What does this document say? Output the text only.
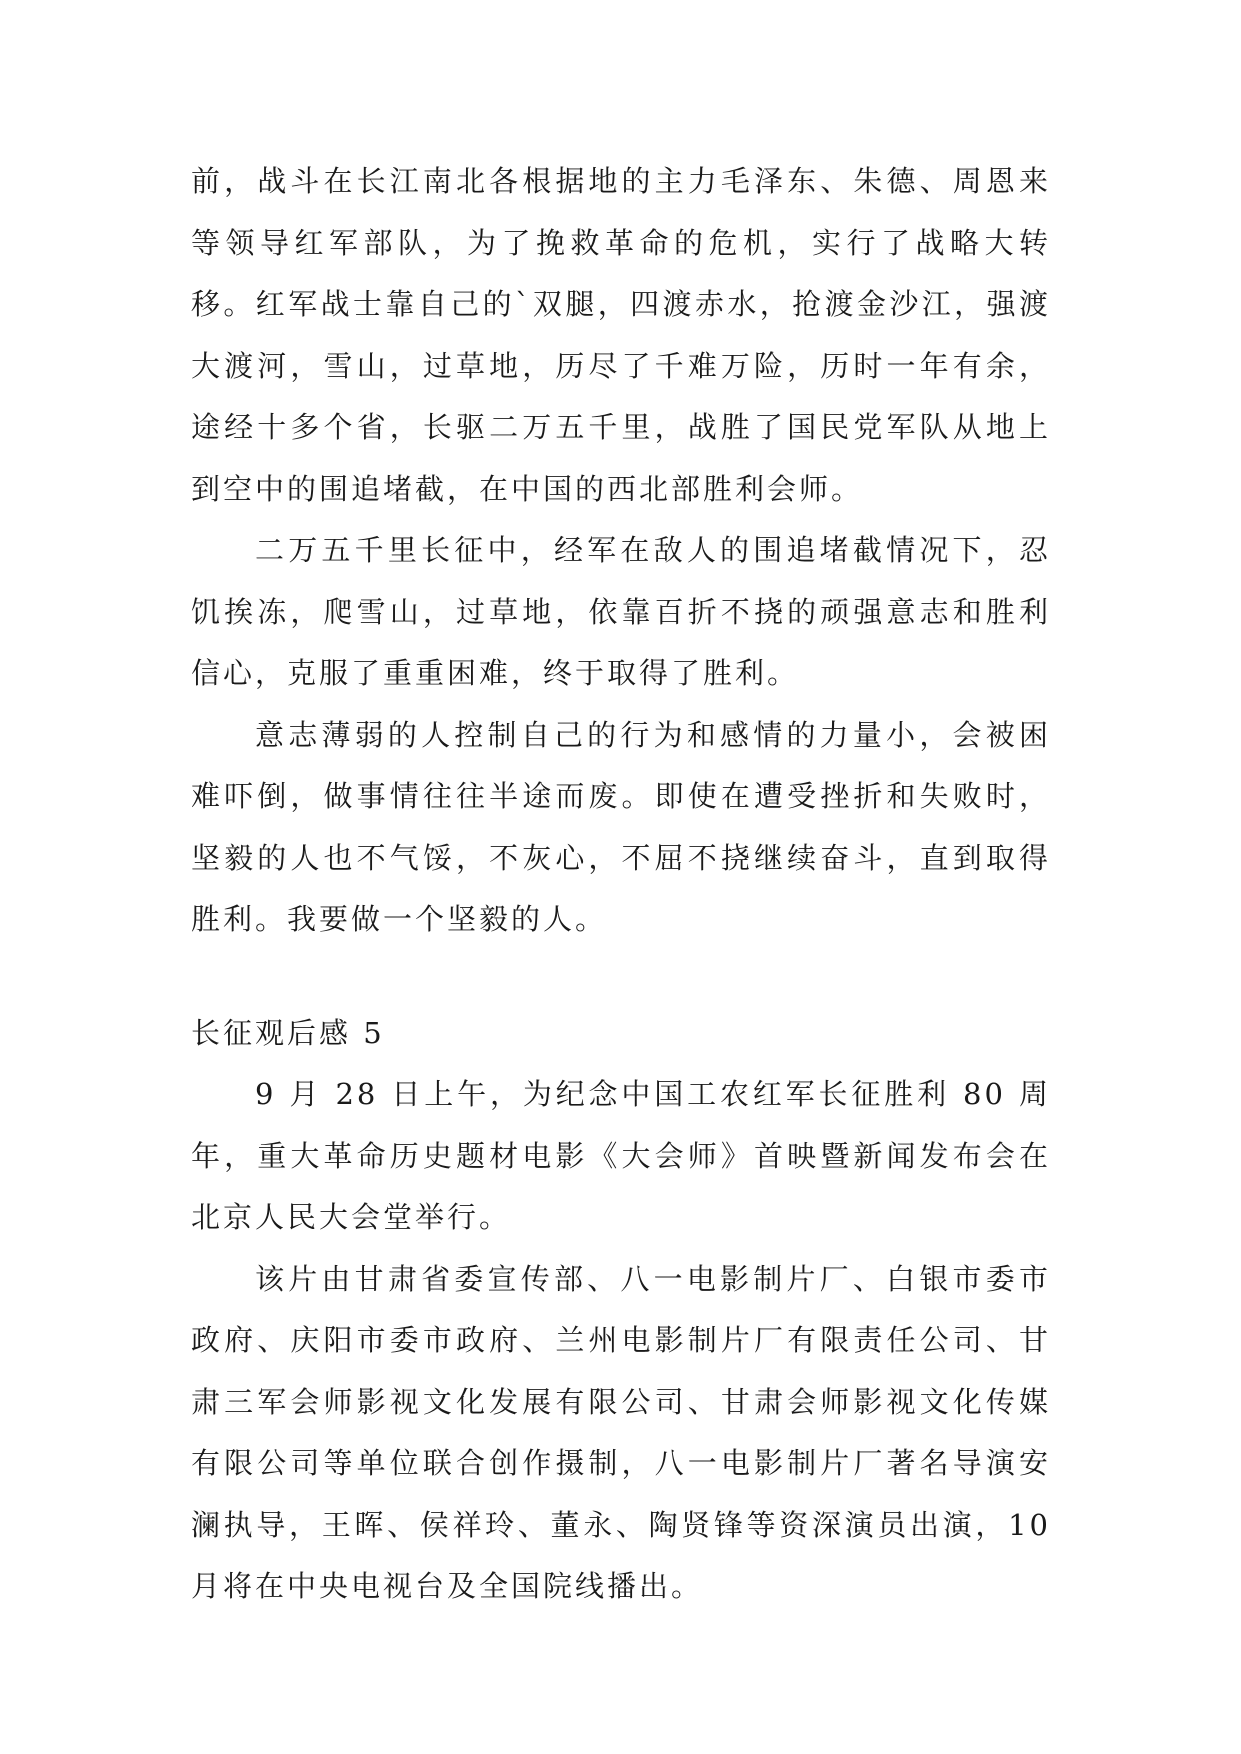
前，战斗在长江南北各根据地的主力毛泽东、朱德、周恩来等领导红军部队，为了挽救革命的危机，实行了战略大转移。红军战士靠自己的`双腿，四渡赤水，抢渡金沙江，强渡大渡河，雪山，过草地，历尽了千难万险，历时一年有余，途经十多个省，长驱二万五千里，战胜了国民党军队从地上到空中的围追堵截，在中国的西北部胜利会师。

二万五千里长征中，经军在敌人的围追堵截情况下，忍饥挨冻，爬雪山，过草地，依靠百折不挠的顽强意志和胜利信心，克服了重重困难，终于取得了胜利。

意志薄弱的人控制自己的行为和感情的力量小，会被困难吓倒，做事情往往半途而废。即使在遭受挫折和失败时，坚毅的人也不气馁，不灰心，不屈不挠继续奋斗，直到取得胜利。我要做一个坚毅的人。

长征观后感 5

9 月 28 日上午，为纪念中国工农红军长征胜利 80 周年，重大革命历史题材电影《大会师》首映暨新闻发布会在北京人民大会堂举行。

该片由甘肃省委宣传部、八一电影制片厂、白银市委市政府、庆阳市委市政府、兰州电影制片厂有限责任公司、甘肃三军会师影视文化发展有限公司、甘肃会师影视文化传媒有限公司等单位联合创作摄制，八一电影制片厂著名导演安澜执导，王晖、侯祥玲、董永、陶贤锋等资深演员出演，10 月将在中央电视台及全国院线播出。
